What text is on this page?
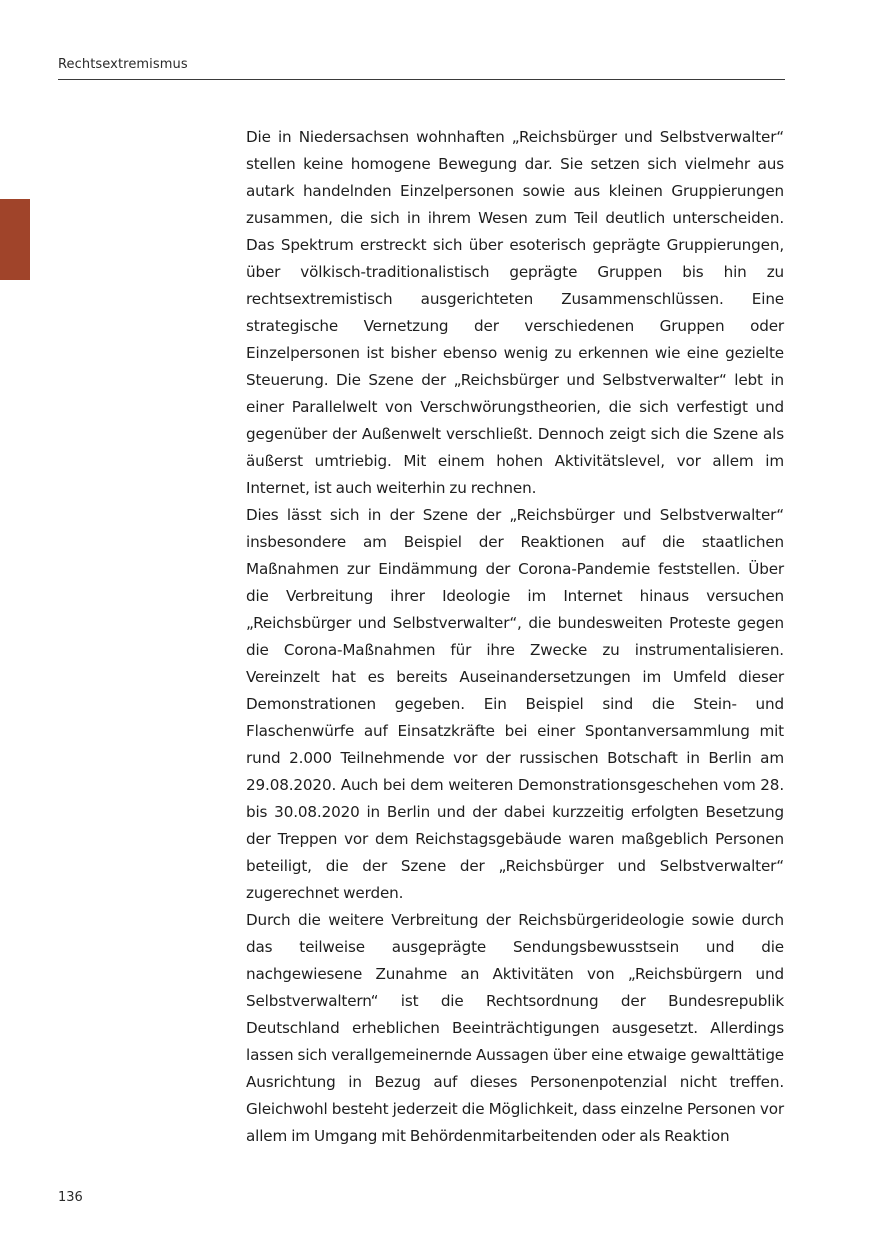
Rechtsextremismus

Die in Niedersachsen wohnhaften „Reichsbürger und Selbstverwalter“ stellen keine homogene Bewegung dar. Sie setzen sich vielmehr aus autark handelnden Einzelpersonen sowie aus kleinen Gruppierungen zusammen, die sich in ihrem Wesen zum Teil deutlich unterscheiden. Das Spektrum erstreckt sich über esoterisch geprägte Gruppierungen, über völkisch-traditionalistisch geprägte Gruppen bis hin zu rechtsextremistisch ausgerichteten Zusammenschlüssen. Eine strategische Vernetzung der verschiedenen Gruppen oder Einzelpersonen ist bisher ebenso wenig zu erkennen wie eine gezielte Steuerung. Die Szene der „Reichsbürger und Selbstverwalter“ lebt in einer Parallelwelt von Verschwörungstheorien, die sich verfestigt und gegenüber der Außenwelt verschließt. Dennoch zeigt sich die Szene als äußerst umtriebig. Mit einem hohen Aktivitätslevel, vor allem im Internet, ist auch weiterhin zu rechnen.

Dies lässt sich in der Szene der „Reichsbürger und Selbstverwalter“ insbesondere am Beispiel der Reaktionen auf die staatlichen Maßnahmen zur Eindämmung der Corona-Pandemie feststellen. Über die Verbreitung ihrer Ideologie im Internet hinaus versuchen „Reichsbürger und Selbstverwalter“, die bundesweiten Proteste gegen die Corona-Maßnahmen für ihre Zwecke zu instrumentalisieren. Vereinzelt hat es bereits Auseinandersetzungen im Umfeld dieser Demonstrationen gegeben. Ein Beispiel sind die Stein- und Flaschenwürfe auf Einsatzkräfte bei einer Spontanversammlung mit rund 2.000 Teilnehmende vor der russischen Botschaft in Berlin am 29.08.2020. Auch bei dem weiteren Demonstrationsgeschehen vom 28. bis 30.08.2020 in Berlin und der dabei kurzzeitig erfolgten Besetzung der Treppen vor dem Reichstagsgebäude waren maßgeblich Personen beteiligt, die der Szene der „Reichsbürger und Selbstverwalter“ zugerechnet werden.

Durch die weitere Verbreitung der Reichsbürgerideologie sowie durch das teilweise ausgeprägte Sendungsbewusstsein und die nachgewiesene Zunahme an Aktivitäten von „Reichsbürgern und Selbstverwaltern“ ist die Rechtsordnung der Bundesrepublik Deutschland erheblichen Beeinträchtigungen ausgesetzt. Allerdings lassen sich verallgemeinernde Aussagen über eine etwaige gewalttätige Ausrichtung in Bezug auf dieses Personenpotenzial nicht treffen. Gleichwohl besteht jederzeit die Möglichkeit, dass einzelne Personen vor allem im Umgang mit Behördenmitarbeitenden oder als Reaktion

136
